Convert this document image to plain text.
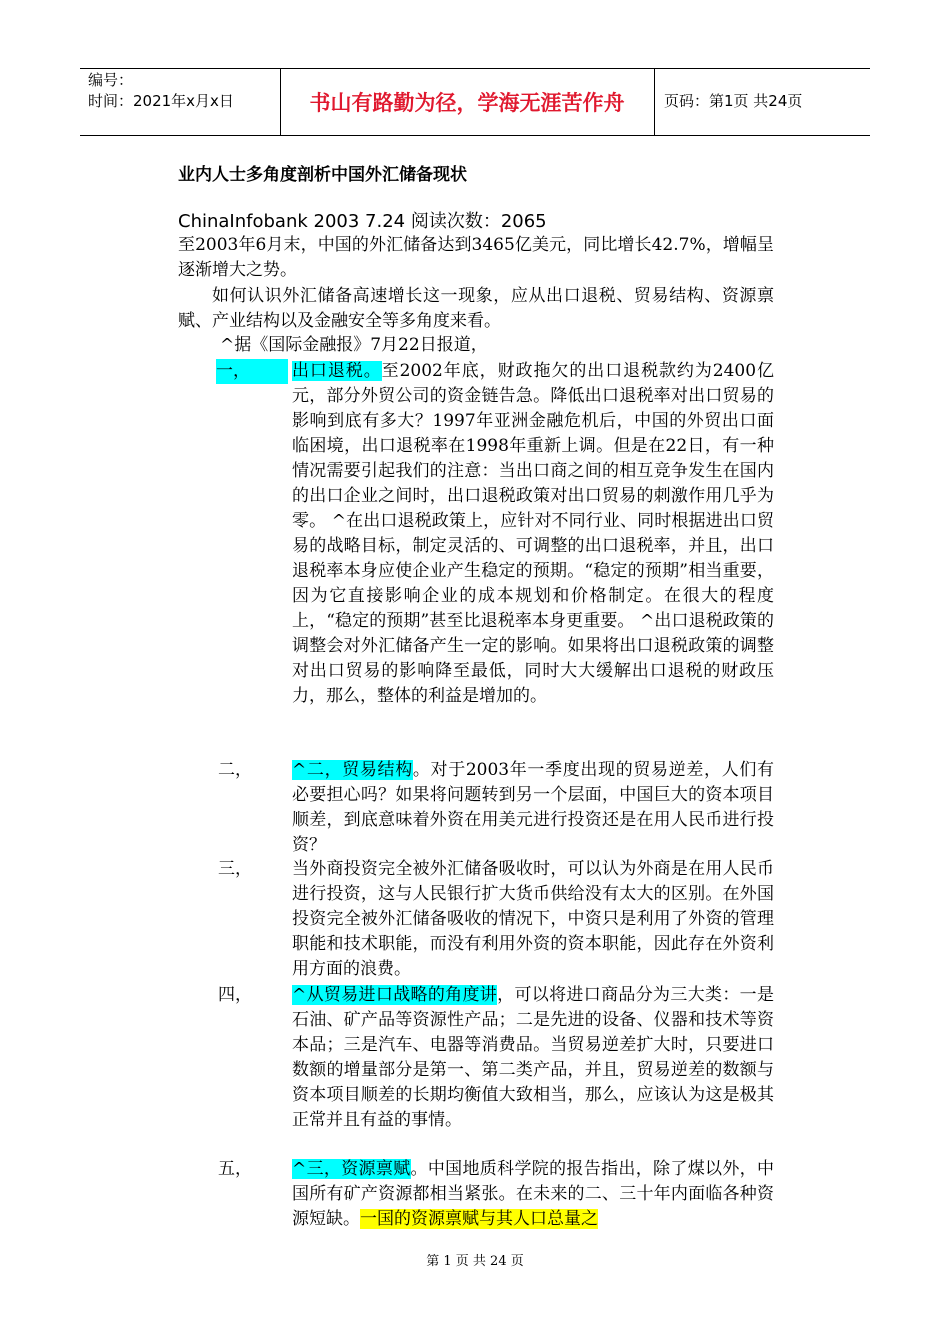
编号：
时间：2021年x月x日	书山有路勤为径，学海无涯苦作舟	页码：第1页 共24页
业内人士多角度剖析中国外汇储备现状
ChinaInfobank 2003 7.24 阅读次数：2065
至2003年6月末，中国的外汇储备达到3465亿美元，同比增长42.7%，增幅呈逐渐增大之势。
如何认识外汇储备高速增长这一现象，应从出口退税、贸易结构、资源禀赋、产业结构以及金融安全等多角度来看。
^据《国际金融报》7月22日报道，
一，	出口退税。至2002年底，财政拖欠的出口退税款约为2400亿元，部分外贸公司的资金链告急。降低出口退税率对出口贸易的影响到底有多大？1997年亚洲金融危机后，中国的外贸出口面临困境，出口退税率在1998年重新上调。但是在22日，有一种情况需要引起我们的注意：当出口商之间的相互竞争发生在国内的出口企业之间时，出口退税政策对出口贸易的刺激作用几乎为零。 ^在出口退税政策上，应针对不同行业、同时根据进出口贸易的战略目标，制定灵活的、可调整的出口退税率，并且，出口退税率本身应使企业产生稳定的预期。“稳定的预期”相当重要，因为它直接影响企业的成本规划和价格制定。在很大的程度上，“稳定的预期”甚至比退税率本身更重要。 ^出口退税政策的调整会对外汇储备产生一定的影响。如果将出口退税政策的调整对出口贸易的影响降至最低，同时大大缓解出口退税的财政压力，那么，整体的利益是增加的。
二， ^二，贸易结构。对于2003年一季度出现的贸易逆差，人们有必要担心吗？如果将问题转到另一个层面，中国巨大的资本项目顺差，到底意味着外资在用美元进行投资还是在用人民币进行投资？
三， 当外商投资完全被外汇储备吸收时，可以认为外商是在用人民币进行投资，这与人民银行扩大货币供给没有太大的区别。在外国投资完全被外汇储备吸收的情况下，中资只是利用了外资的管理职能和技术职能，而没有利用外资的资本职能，因此存在外资利用方面的浪费。
四， ^从贸易进口战略的角度讲，可以将进口商品分为三大类：一是石油、矿产品等资源性产品；二是先进的设备、仪器和技术等资本品；三是汽车、电器等消费品。当贸易逆差扩大时，只要进口数额的增量部分是第一、第二类产品，并且，贸易逆差的数额与资本项目顺差的长期均衡值大致相当，那么，应该认为这是极其正常并且有益的事情。
五， ^三，资源禀赋。中国地质科学院的报告指出，除了煤以外，中国所有矿产资源都相当紧张。在未来的二、三十年内面临各种资源短缺。一国的资源禀赋与其人口总量之
第 1 页 共 24 页
